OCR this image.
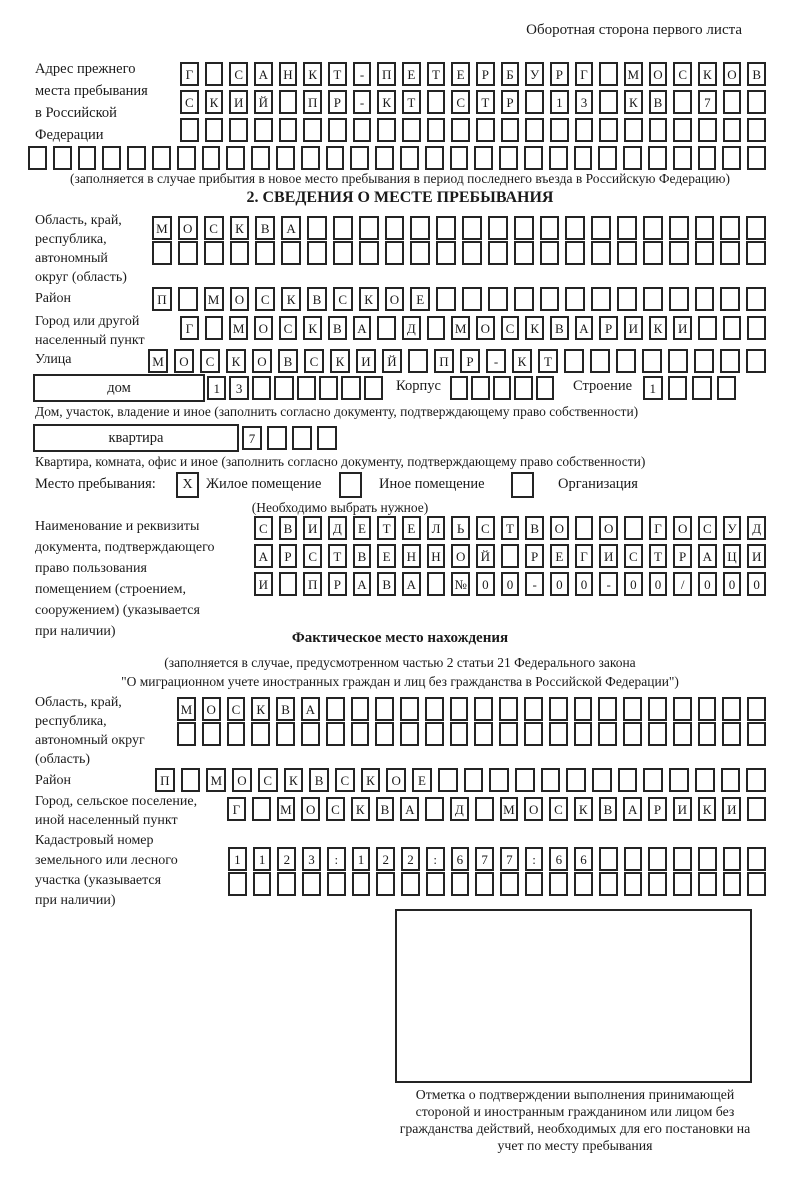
Оборотная сторона первого листа
Адрес прежнего
места пребывания
в Российской
Федерации
Г	С	А	Н	К	Т	-	П	Е	Т	Е	Р	Б	У	Р	Г	М	О	С	К	О	В
С	К	И	Й	П	Р	-	К	Т	С	Т	Р	1	3	К	В	7
(заполняется в случае прибытия в новое место пребывания в период последнего въезда в Российскую Федерацию)
2. СВЕДЕНИЯ О МЕСТЕ ПРЕБЫВАНИЯ
Область, край,
республика,
автономный
округ (область)
М	О	С	К	В	А
Район	П	М	О	С	К	В	С	К	О	Е
Город или другой
населенный пункт
Г	М	О	С	К	В	А	Д	М	О	С	К	В	А	Р	И	К	И
Улица	М	О	С	К	О	В	С	К	И	Й	П	Р	-	К	Т
дом	1	3	Корпус	Строение	1
Дом, участок, владение и иное (заполнить согласно документу, подтверждающему право собственности)
квартира	7
Квартира, комната, офис и иное (заполнить согласно документу, подтверждающему право собственности)
Место пребывания:	X Жилое помещение	Иное помещение	Организация
(Необходимо выбрать нужное)
Наименование и реквизиты
документа, подтверждающего
право пользования
помещением (строением,
сооружением) (указывается
при наличии)
С	В	И	Д	Е	Т	Е	Л	Ь	С	Т	В	О	О	Г	О	С	У	Д
А	Р	С	Т	В	Е	Н	Н	О	Й	Р	Е	Г	И	С	Т	Р	А	Ц	И
И	П	Р	А	В	А	№	0	0	-	0	0	-	0	0	/	0	0	0
Фактическое место нахождения
(заполняется в случае, предусмотренном частью 2 статьи 21 Федерального закона
"О миграционном учете иностранных граждан и лиц без гражданства в Российской Федерации")
Область, край,
республика,
автономный округ
(область)
М	О	С	К	В	А
Район	П	М	О	С	К	В	С	К	О	Е
Город, сельское поселение,
иной населенный пункт
Г	М	О	С	К	В	А	Д	М	О	С	К	В	А	Р	И	К	И
Кадастровый номер
земельного или лесного
участка (указывается
при наличии)
1	1	2	3	:	1	2	2	:	6	7	7	:	6	6
Отметка о подтверждении выполнения принимающей стороной и иностранным гражданином или лицом без гражданства действий, необходимых для его постановки на учет по месту пребывания
